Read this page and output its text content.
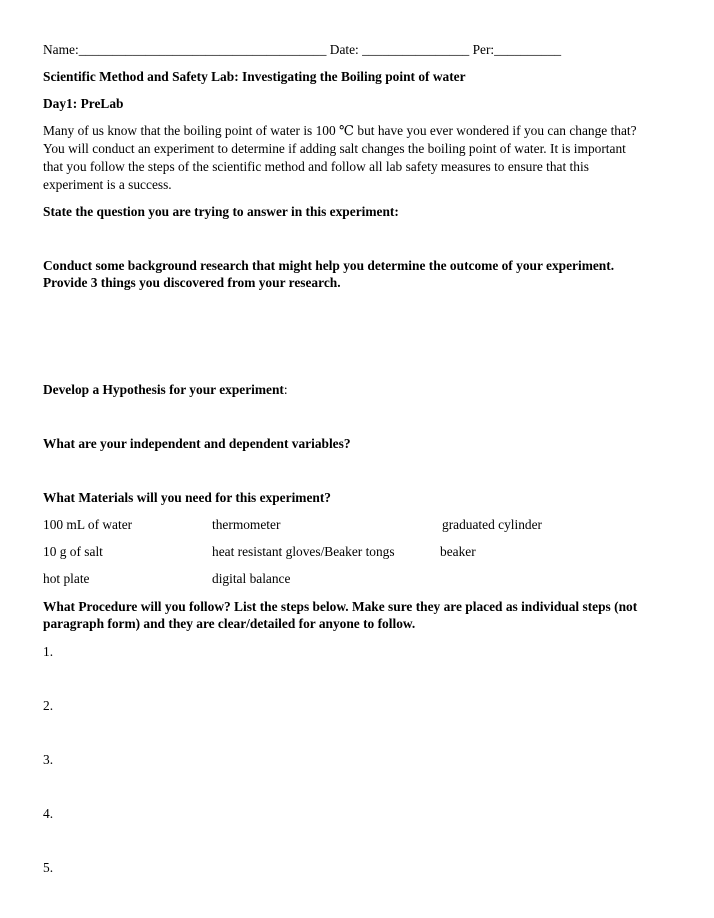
Name:_____________________________________ Date: ________________ Per:__________
Scientific Method and Safety Lab: Investigating the Boiling point of water
Day1: PreLab
Many of us know that the boiling point of water is 100 ℃ but have you ever wondered if you can change that?
You will conduct an experiment to determine if adding salt changes the boiling point of water. It is important
that you follow the steps of the scientific method and follow all lab safety measures to ensure that this
experiment is a success.
State the question you are trying to answer in this experiment:
Conduct some background research that might help you determine the outcome of your experiment.
Provide 3 things you discovered from your research.
Develop a Hypothesis for your experiment:
What are your independent and dependent variables?
What Materials will you need for this experiment?
100 mL of water	thermometer	graduated cylinder
10 g of salt	heat resistant gloves/Beaker tongs	beaker
hot plate	digital balance
What Procedure will you follow? List the steps below. Make sure they are placed as individual steps (not
paragraph form) and they are clear/detailed for anyone to follow.
1.
2.
3.
4.
5.
